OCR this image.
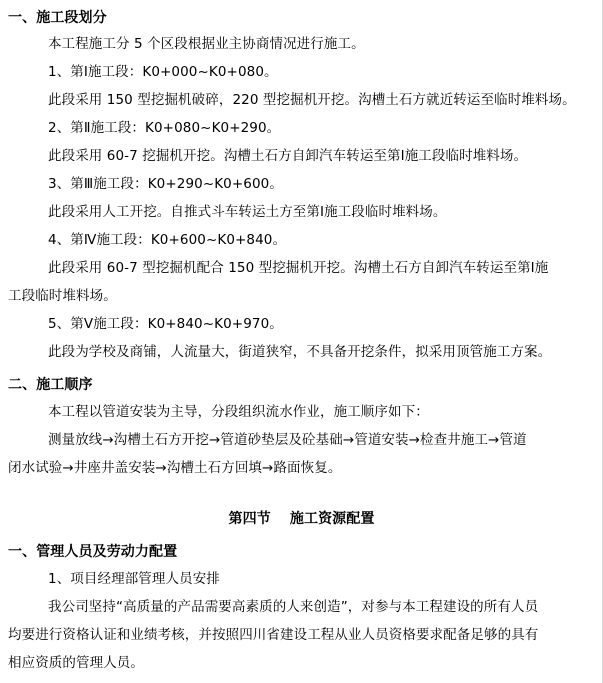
一、施工段划分
本工程施工分 5 个区段根据业主协商情况进行施工。
1、第Ⅰ施工段：K0+000~K0+080。
此段采用 150 型挖掘机破碎，220 型挖掘机开挖。沟槽土石方就近转运至临时堆料场。
2、第Ⅱ施工段：K0+080~K0+290。
此段采用 60-7 挖掘机开挖。沟槽土石方自卸汽车转运至第Ⅰ施工段临时堆料场。
3、第Ⅲ施工段：K0+290~K0+600。
此段采用人工开挖。自推式斗车转运土方至第Ⅰ施工段临时堆料场。
4、第Ⅳ施工段：K0+600~K0+840。
此段采用 60-7 型挖掘机配合 150 型挖掘机开挖。沟槽土石方自卸汽车转运至第Ⅰ施
工段临时堆料场。
5、第Ⅴ施工段：K0+840~K0+970。
此段为学校及商铺，人流量大，街道狭窄，不具备开挖条件，拟采用顶管施工方案。
二、施工顺序
本工程以管道安装为主导，分段组织流水作业，施工顺序如下：
测量放线→沟槽土石方开挖→管道砂垫层及砼基础→管道安装→检查井施工→管道
闭水试验→井座井盖安装→沟槽土石方回填→路面恢复。
第四节　 施工资源配置
一、管理人员及劳动力配置
1、项目经理部管理人员安排
我公司坚持“高质量的产品需要高素质的人来创造”，对参与本工程建设的所有人员
均要进行资格认证和业绩考核，并按照四川省建设工程从业人员资格要求配备足够的具有
相应资质的管理人员。
